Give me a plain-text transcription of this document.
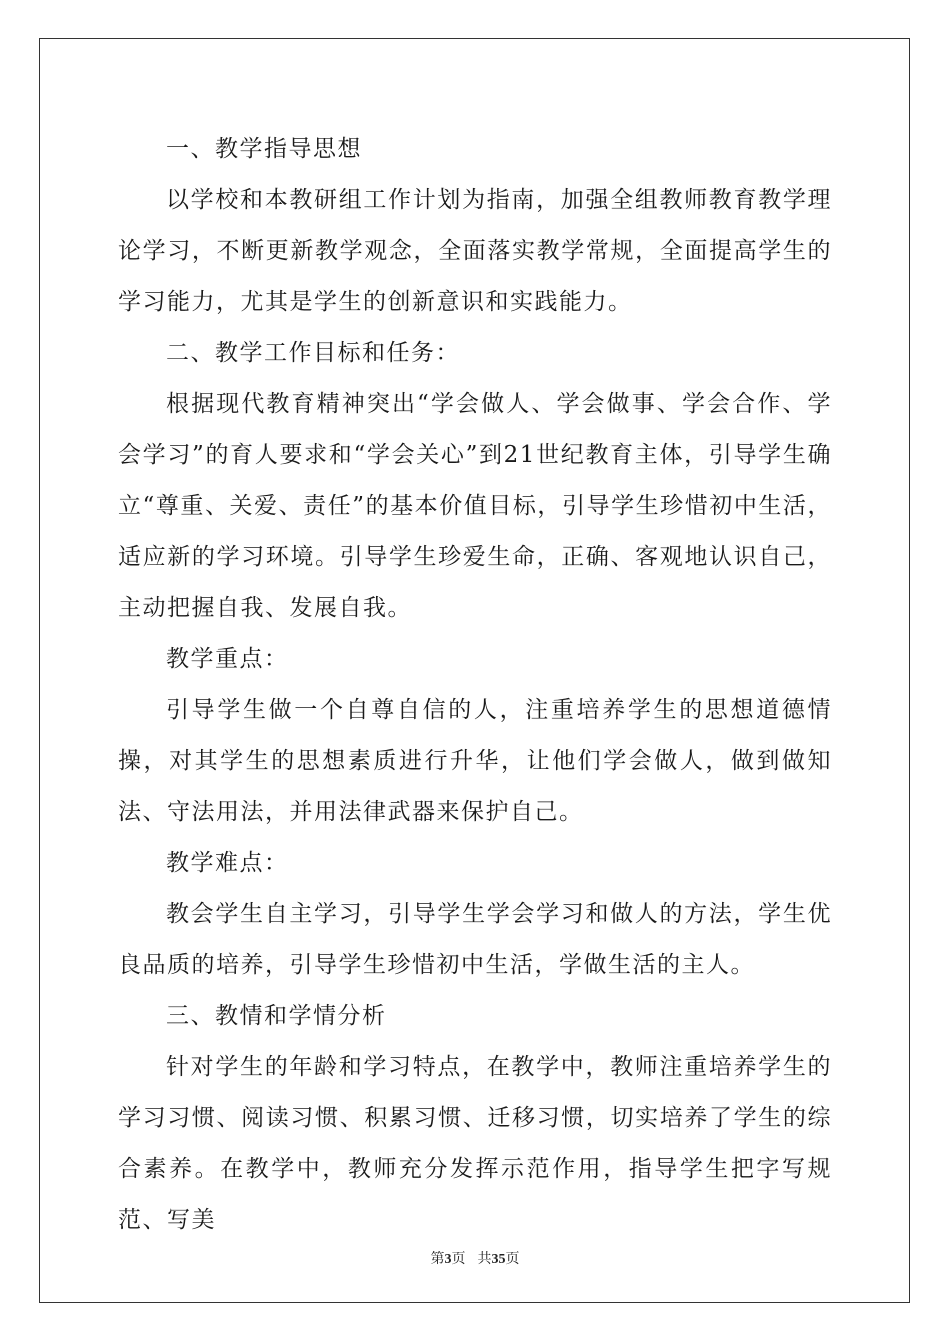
一、教学指导思想

以学校和本教研组工作计划为指南，加强全组教师教育教学理论学习，不断更新教学观念，全面落实教学常规，全面提高学生的学习能力，尤其是学生的创新意识和实践能力。

二、教学工作目标和任务：

根据现代教育精神突出“学会做人、学会做事、学会合作、学会学习”的育人要求和“学会关心”到21世纪教育主体，引导学生确立“尊重、关爱、责任”的基本价值目标，引导学生珍惜初中生活，适应新的学习环境。引导学生珍爱生命，正确、客观地认识自己，主动把握自我、发展自我。

教学重点：

引导学生做一个自尊自信的人，注重培养学生的思想道德情操，对其学生的思想素质进行升华，让他们学会做人，做到做知法、守法用法，并用法律武器来保护自己。

教学难点：

教会学生自主学习，引导学生学会学习和做人的方法，学生优良品质的培养，引导学生珍惜初中生活，学做生活的主人。

三、教情和学情分析

针对学生的年龄和学习特点，在教学中，教师注重培养学生的学习习惯、阅读习惯、积累习惯、迁移习惯，切实培养了学生的综合素养。在教学中，教师充分发挥示范作用，指导学生把字写规范、写美

第3页 共35页
